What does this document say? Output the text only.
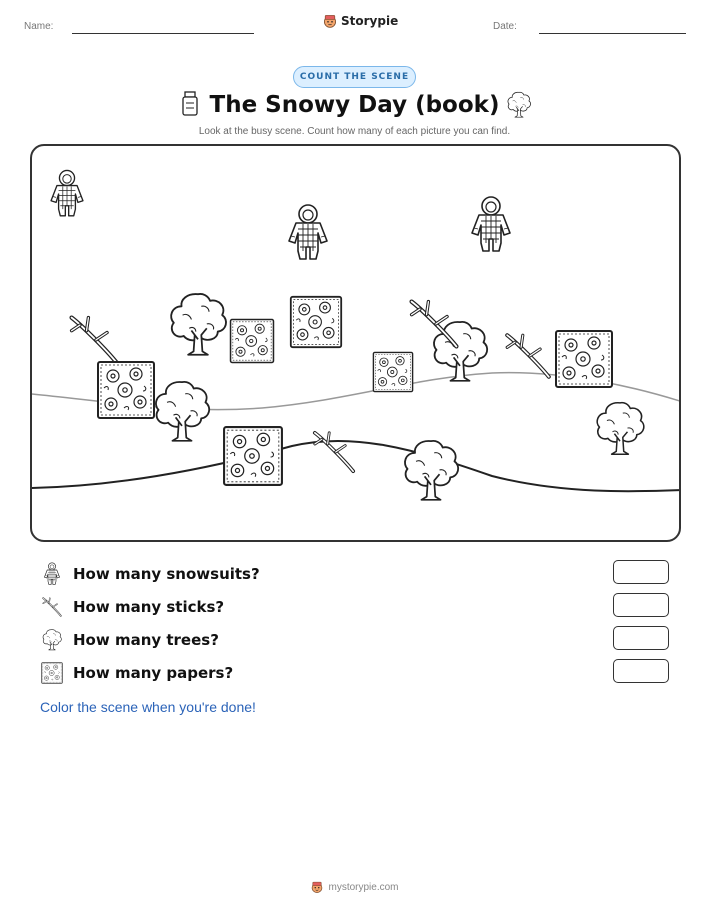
Name:	Storypie	Date:
COUNT THE SCENE
The Snowy Day (book)
Look at the busy scene. Count how many of each picture you can find.
How many snowsuits?
How many sticks?
How many trees?
How many papers?
Color the scene when you're done!
mystorypie.com
